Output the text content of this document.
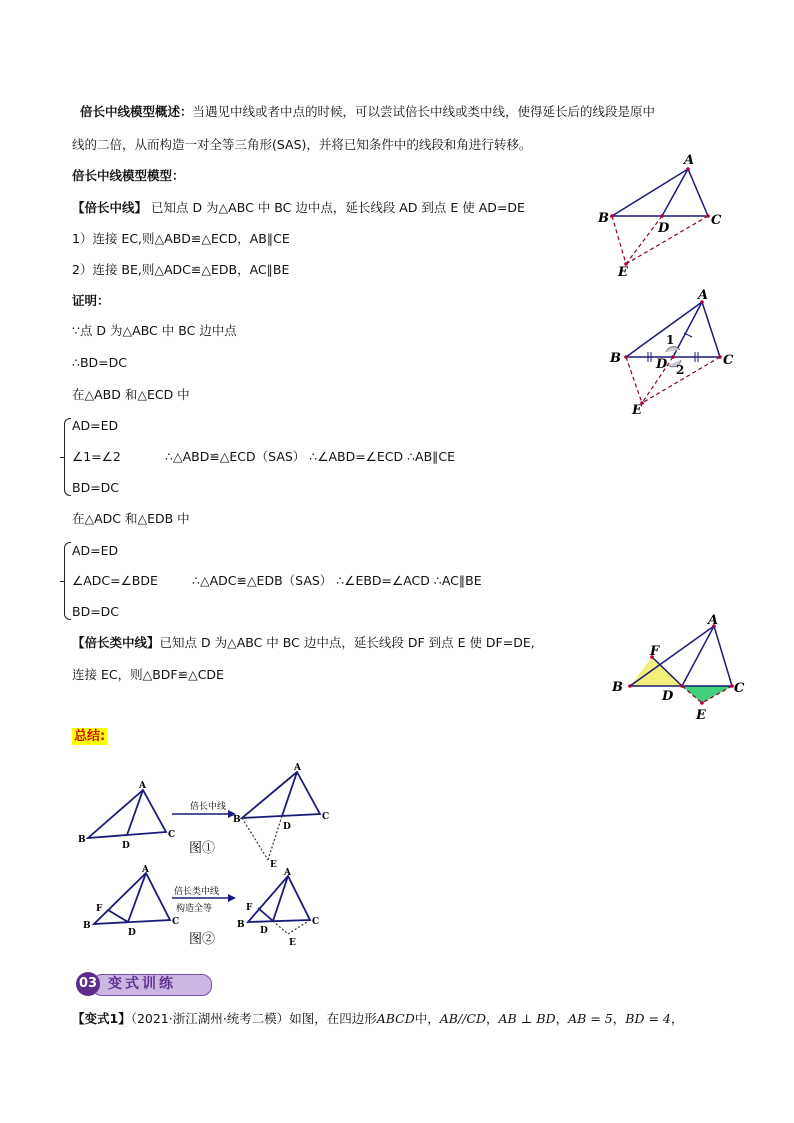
倍长中线模型概述：当遇见中线或者中点的时候，可以尝试倍长中线或类中线，使得延长后的线段是原中
线的二倍，从而构造一对全等三角形(SAS)，并将已知条件中的线段和角进行转移。
倍长中线模型模型：
【倍长中线】 已知点 D 为△ABC 中 BC 边中点，延长线段 AD 到点 E 使 AD=DE
1）连接 EC,则△ABD≌△ECD，AB∥CE
2）连接 BE,则△ADC≌△EDB，AC∥BE
证明：
∵点 D 为△ABC 中 BC 边中点
∴BD=DC
在△ABD 和△ECD 中
AD=ED
∠1=∠2	∴△ABD≌△ECD（SAS） ∴∠ABD=∠ECD ∴AB∥CE
BD=DC
在△ADC 和△EDB 中
AD=ED
∠ADC=∠BDE	∴△ADC≌△EDB（SAS） ∴∠EBD=∠ACD ∴AC∥BE
BD=DC
【倍长类中线】已知点 D 为△ABC 中 BC 边中点，延长线段 DF 到点 E 使 DF=DE,
连接 EC，则△BDF≌△CDE
总结:
A
B	C
D
E
A
B	C
D
1
2
E
A
B	C
D
F
E
A
B	C
D
倍长中线
A
B	C
D
E
图①
A
B	C
D
F
倍长类中线
构造全等
A
B	C
D
F
E
图②
03 变式训练
【变式1】（2021·浙江湖州·统考二模）如图，在四边形ABCD中，AB//CD，AB ⊥ BD，AB = 5，BD = 4，
